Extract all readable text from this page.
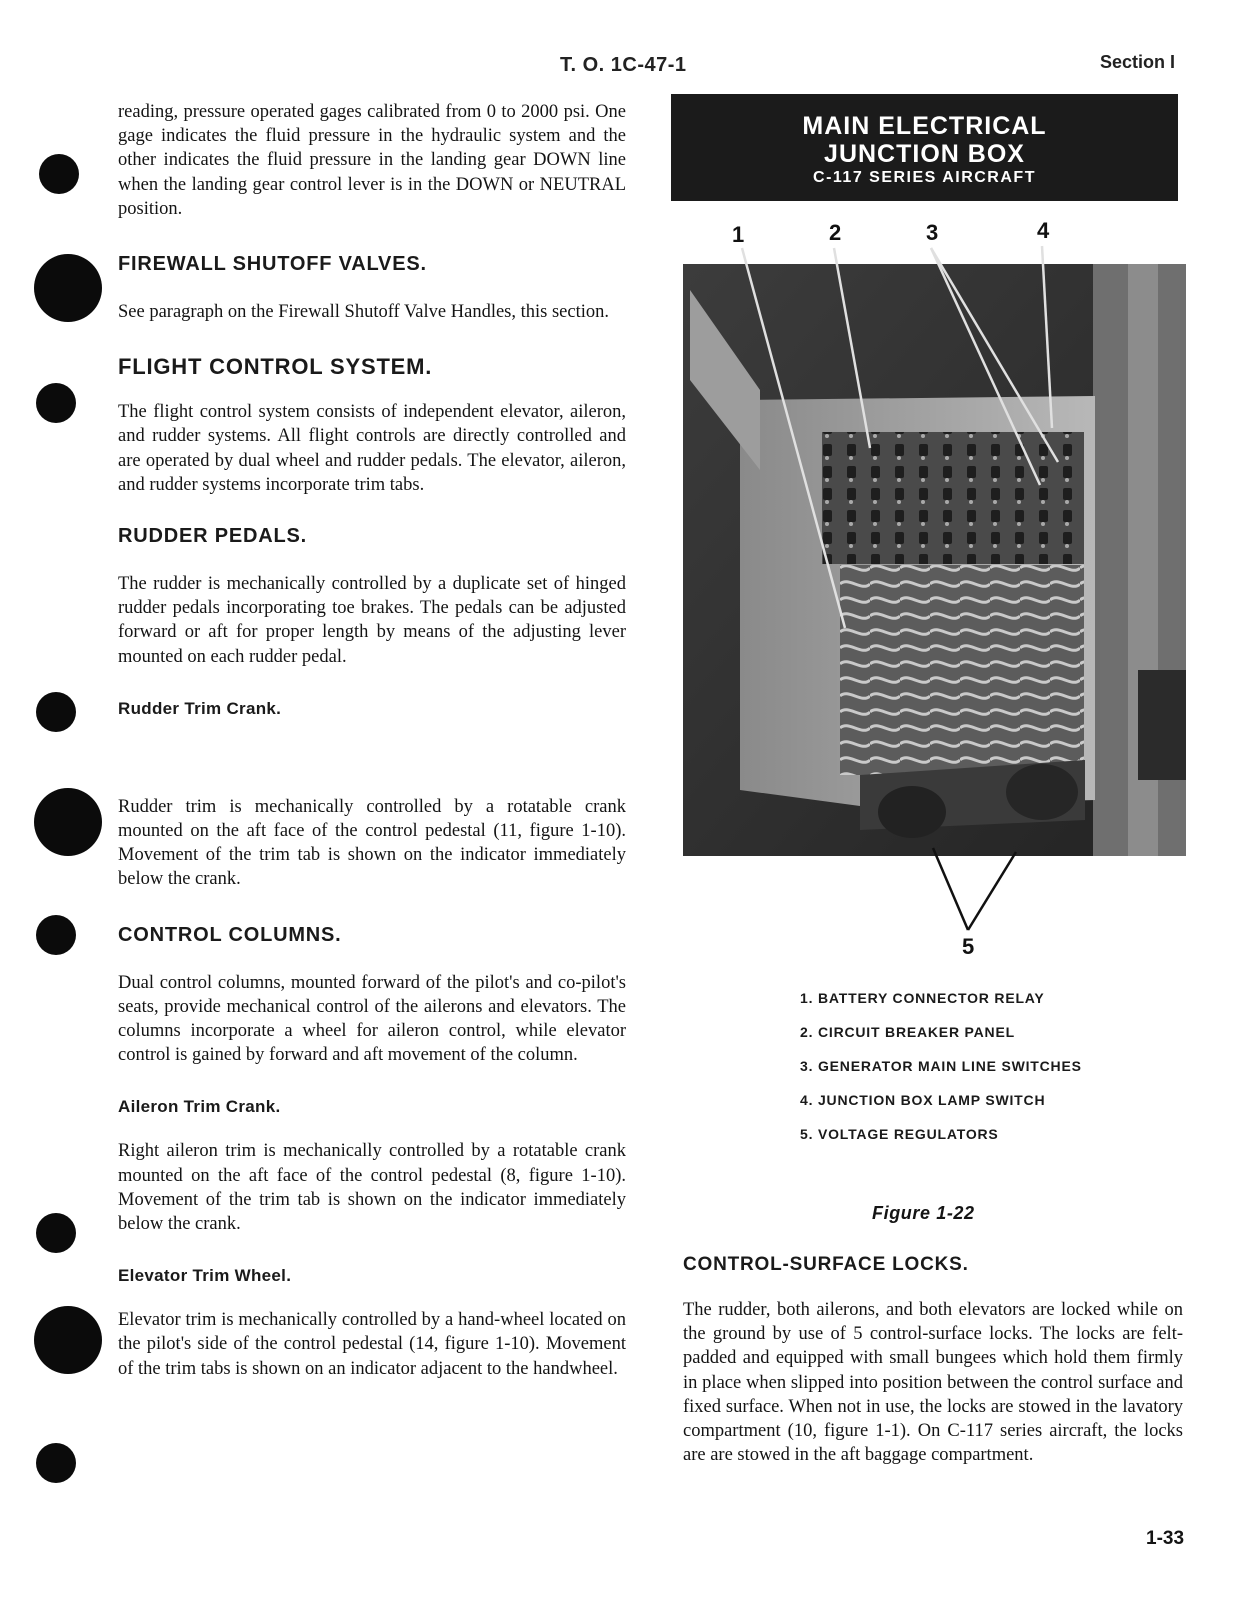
T. O. 1C-47-1	Section I

reading, pressure operated gages calibrated from 0 to 2000 psi. One gage indicates the fluid pressure in the hydraulic system and the other indicates the fluid pressure in the landing gear DOWN line when the landing gear control lever is in the DOWN or NEUTRAL position.

FIREWALL SHUTOFF VALVES.

See paragraph on the Firewall Shutoff Valve Handles, this section.

FLIGHT CONTROL SYSTEM.

The flight control system consists of independent elevator, aileron, and rudder systems. All flight controls are directly controlled and are operated by dual wheel and rudder pedals. The elevator, aileron, and rudder systems incorporate trim tabs.

RUDDER PEDALS.

The rudder is mechanically controlled by a duplicate set of hinged rudder pedals incorporating toe brakes. The pedals can be adjusted forward or aft for proper length by means of the adjusting lever mounted on each rudder pedal.

Rudder Trim Crank.

Rudder trim is mechanically controlled by a rotatable crank mounted on the aft face of the control pedestal (11, figure 1-10). Movement of the trim tab is shown on the indicator immediately below the crank.

CONTROL COLUMNS.

Dual control columns, mounted forward of the pilot's and co-pilot's seats, provide mechanical control of the ailerons and elevators. The columns incorporate a wheel for aileron control, while elevator control is gained by forward and aft movement of the column.

Aileron Trim Crank.

Right aileron trim is mechanically controlled by a rotatable crank mounted on the aft face of the control pedestal (8, figure 1-10). Movement of the trim tab is shown on the indicator immediately below the crank.

Elevator Trim Wheel.

Elevator trim is mechanically controlled by a hand-wheel located on the pilot's side of the control pedestal (14, figure 1-10). Movement of the trim tabs is shown on an indicator adjacent to the handwheel.

MAIN ELECTRICAL
JUNCTION BOX
C-117 SERIES AIRCRAFT
1	2	3	4
5
1. BATTERY CONNECTOR RELAY
2. CIRCUIT BREAKER PANEL
3. GENERATOR MAIN LINE SWITCHES
4. JUNCTION BOX LAMP SWITCH
5. VOLTAGE REGULATORS
Figure 1-22
CONTROL-SURFACE LOCKS.

The rudder, both ailerons, and both elevators are locked while on the ground by use of 5 control-surface locks. The locks are felt-padded and equipped with small bungees which hold them firmly in place when slipped into position between the control surface and fixed surface. When not in use, the locks are stowed in the lavatory compartment (10, figure 1-1). On C-117 series aircraft, the locks are are stowed in the aft baggage compartment.

1-33
